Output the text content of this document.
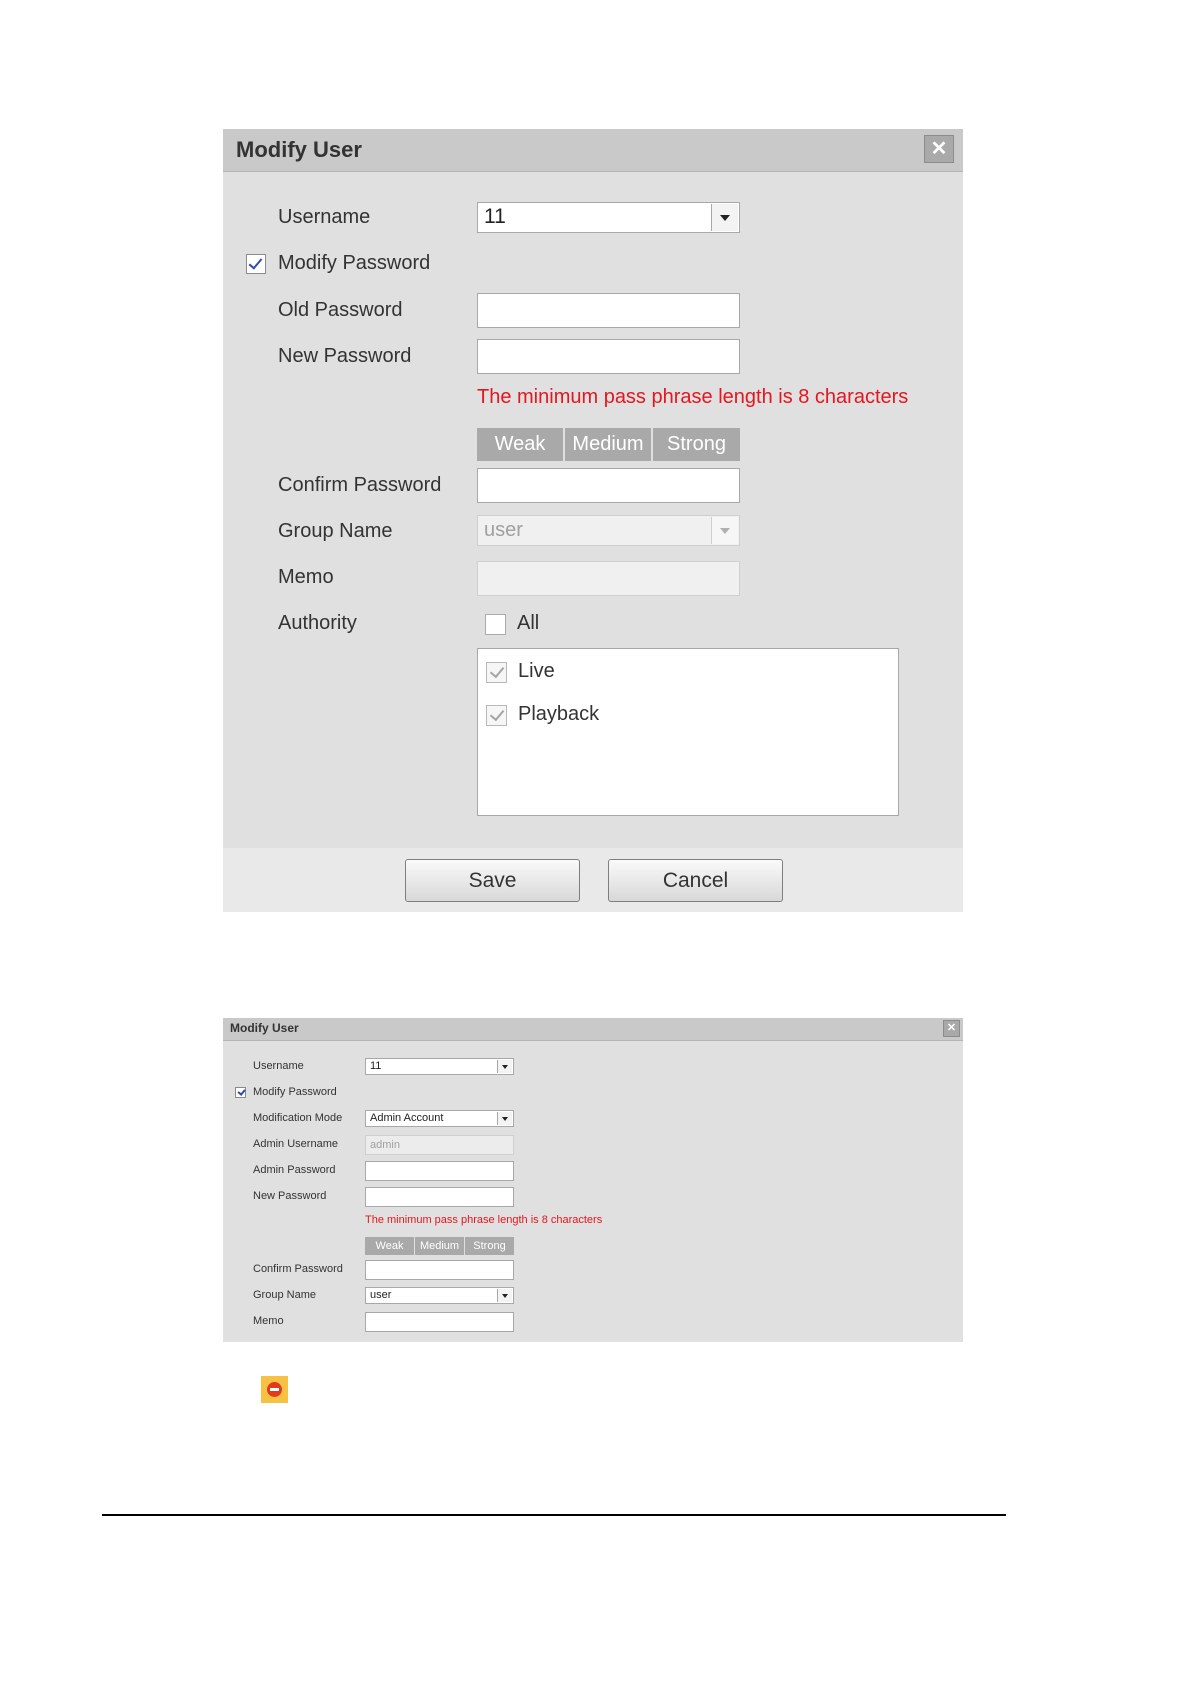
Modify User	✕
Username	11
Modify Password
Old Password
New Password
The minimum pass phrase length is 8 characters
Weak	Medium	Strong
Confirm Password
Group Name	user
Memo
Authority	All
Live
Playback
Save	Cancel
Modify User	✕
Username	11
Modify Password
Modification Mode	Admin Account
Admin Username	admin
Admin Password
New Password
The minimum pass phrase length is 8 characters
Weak	Medium	Strong
Confirm Password
Group Name	user
Memo
